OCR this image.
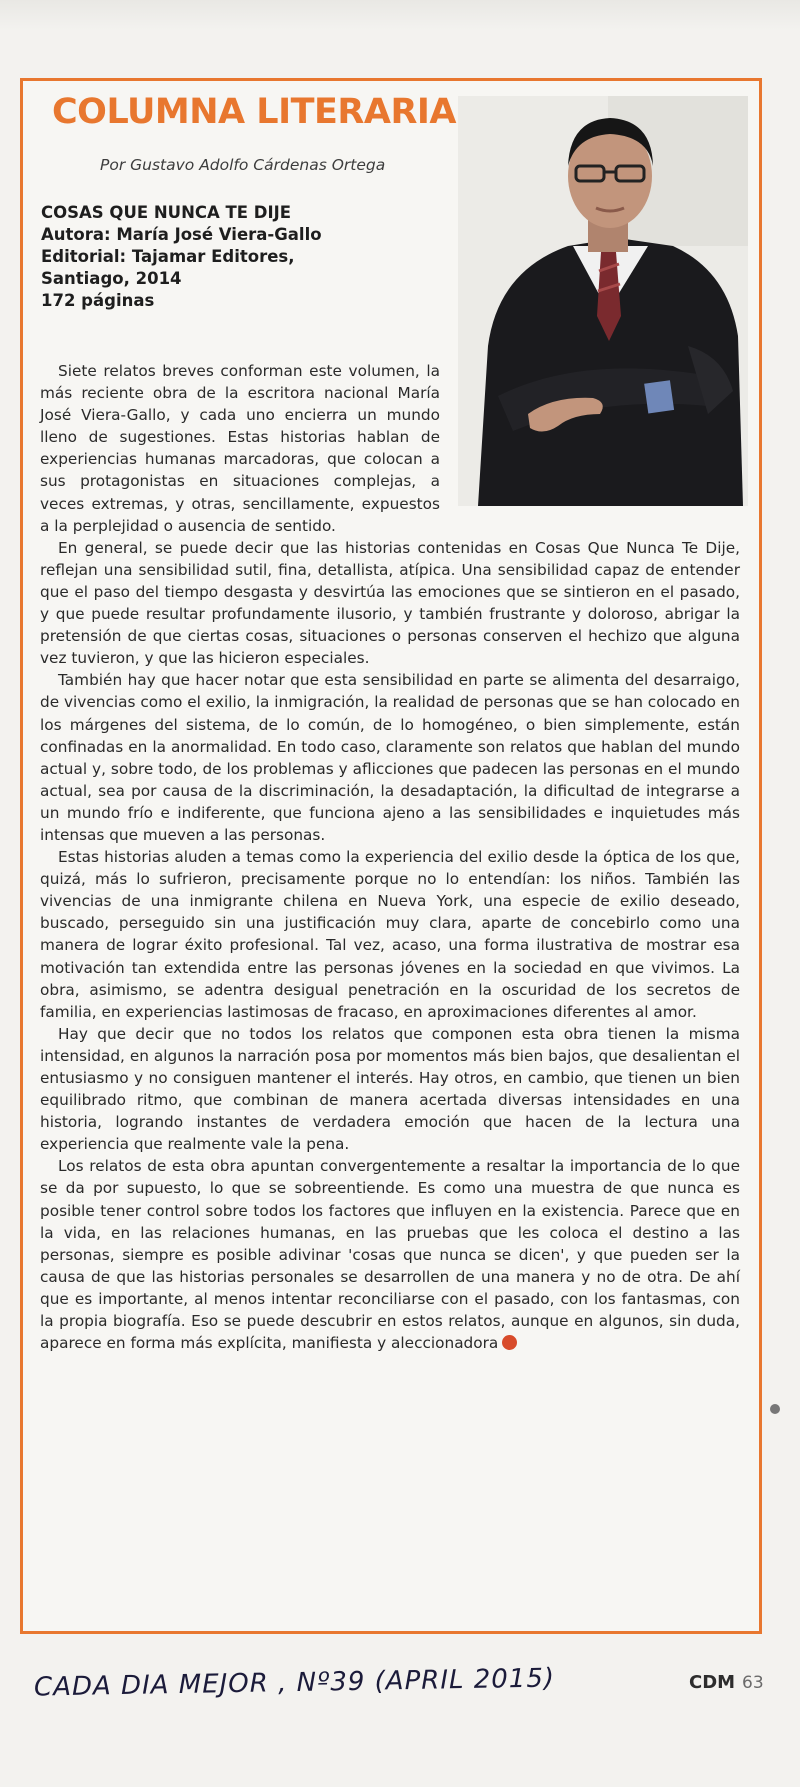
COLUMNA LITERARIA
Por Gustavo Adolfo Cárdenas Ortega
COSAS QUE NUNCA TE DIJE
Autora: María José Viera-Gallo
Editorial: Tajamar Editores,
Santiago, 2014
172 páginas

Siete relatos breves conforman este volumen, la más reciente obra de la escritora nacional María José Viera-Gallo, y cada uno encierra un mundo lleno de sugestiones. Estas historias hablan de experiencias humanas marcadoras, que colocan a sus protagonistas en situaciones complejas, a veces extremas, y otras, sencillamente, expuestos a la perplejidad o ausencia de sentido.

En general, se puede decir que las historias contenidas en Cosas Que Nunca Te Dije, reflejan una sensibilidad sutil, fina, detallista, atípica. Una sensibilidad capaz de entender que el paso del tiempo desgasta y desvirtúa las emociones que se sintieron en el pasado, y que puede resultar profundamente ilusorio, y también frustrante y doloroso, abrigar la pretensión de que ciertas cosas, situaciones o personas conserven el hechizo que alguna vez tuvieron, y que las hicieron especiales.

También hay que hacer notar que esta sensibilidad en parte se alimenta del desarraigo, de vivencias como el exilio, la inmigración, la realidad de personas que se han colocado en los márgenes del sistema, de lo común, de lo homogéneo, o bien simplemente, están confinadas en la anormalidad. En todo caso, claramente son relatos que hablan del mundo actual y, sobre todo, de los problemas y aflicciones que padecen las personas en el mundo actual, sea por causa de la discriminación, la desadaptación, la dificultad de integrarse a un mundo frío e indiferente, que funciona ajeno a las sensibilidades e inquietudes más intensas que mueven a las personas.

Estas historias aluden a temas como la experiencia del exilio desde la óptica de los que, quizá, más lo sufrieron, precisamente porque no lo entendían: los niños. También las vivencias de una inmigrante chilena en Nueva York, una especie de exilio deseado, buscado, perseguido sin una justificación muy clara, aparte de concebirlo como una manera de lograr éxito profesional. Tal vez, acaso, una forma ilustrativa de mostrar esa motivación tan extendida entre las personas jóvenes en la sociedad en que vivimos. La obra, asimismo, se adentra desigual penetración en la oscuridad de los secretos de familia, en experiencias lastimosas de fracaso, en aproximaciones diferentes al amor.

Hay que decir que no todos los relatos que componen esta obra tienen la misma intensidad, en algunos la narración posa por momentos más bien bajos, que desalientan el entusiasmo y no consiguen mantener el interés. Hay otros, en cambio, que tienen un bien equilibrado ritmo, que combinan de manera acertada diversas intensidades en una historia, logrando instantes de verdadera emoción que hacen de la lectura una experiencia que realmente vale la pena.

Los relatos de esta obra apuntan convergentemente a resaltar la importancia de lo que se da por supuesto, lo que se sobreentiende. Es como una muestra de que nunca es posible tener control sobre todos los factores que influyen en la existencia. Parece que en la vida, en las relaciones humanas, en las pruebas que les coloca el destino a las personas, siempre es posible adivinar 'cosas que nunca se dicen', y que pueden ser la causa de que las historias personales se desarrollen de una manera y no de otra. De ahí que es importante, al menos intentar reconciliarse con el pasado, con los fantasmas, con la propia biografía. Eso se puede descubrir en estos relatos, aunque en algunos, sin duda, aparece en forma más explícita, manifiesta y aleccionadora

CADA DIA MEJOR , Nº39 (APRIL 2015)	CDM 63
